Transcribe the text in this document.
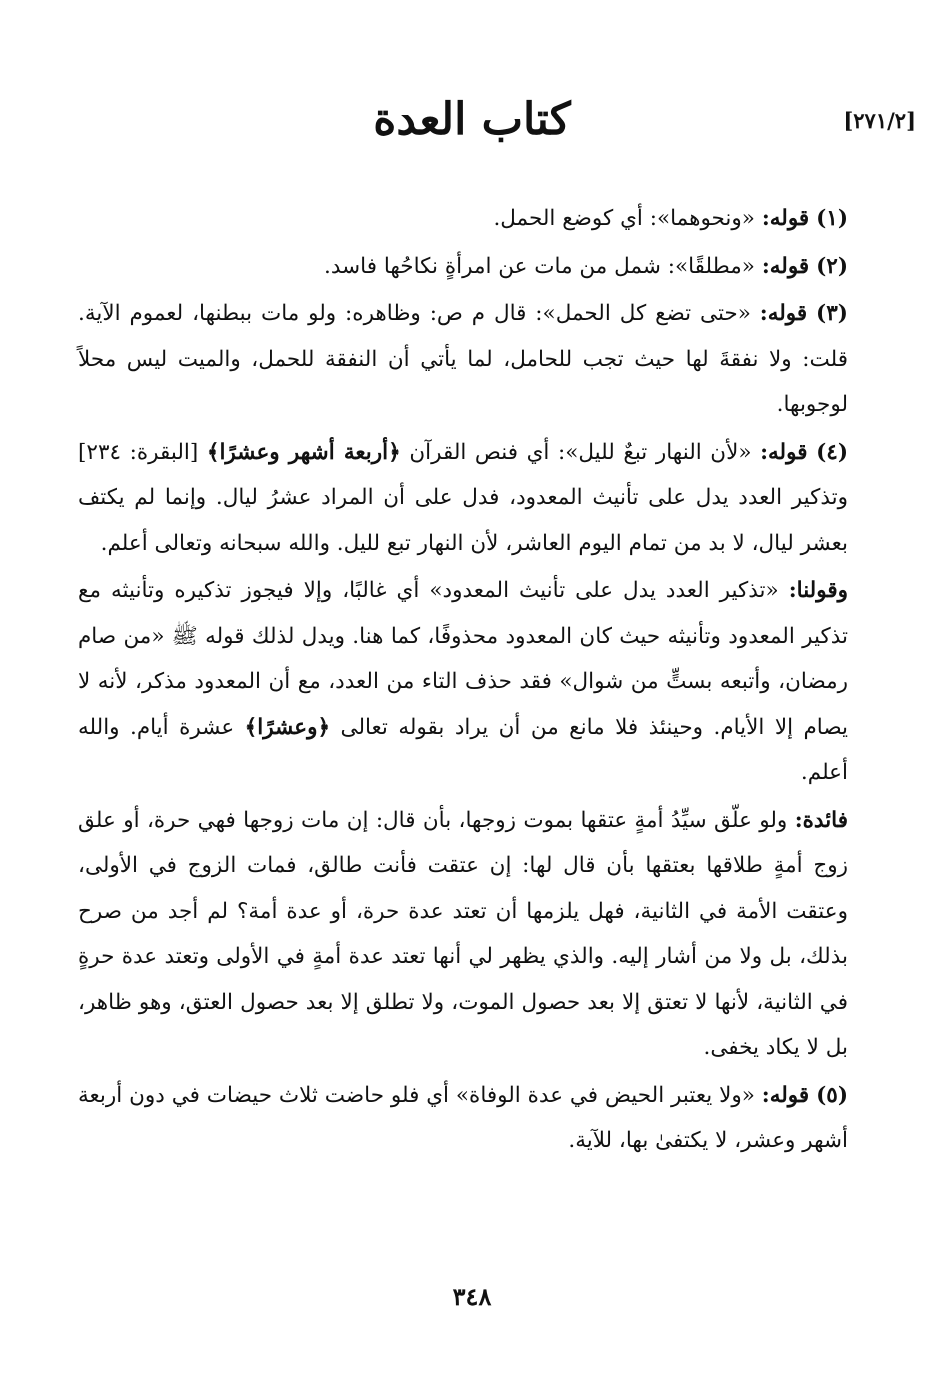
كتاب العدة	[٢٧١/٢]

(١) قوله: «ونحوهما»: أي كوضع الحمل.

(٢) قوله: «مطلقًا»: شمل من مات عن امرأةٍ نكاحُها فاسد.

(٣) قوله: «حتى تضع كل الحمل»: قال م ص: وظاهره: ولو مات ببطنها، لعموم الآية. قلت: ولا نفقةَ لها حيث تجب للحامل، لما يأتي أن النفقة للحمل، والميت ليس محلاً لوجوبها.

(٤) قوله: «لأن النهار تبعٌ لليل»: أي فنص القرآن ﴿أربعة أشهر وعشرًا﴾ [البقرة: ٢٣٤] وتذكير العدد يدل على تأنيث المعدود، فدل على أن المراد عشرُ ليال. وإنما لم يكتف بعشر ليال، لا بد من تمام اليوم العاشر، لأن النهار تبع لليل. والله سبحانه وتعالى أعلم.

وقولنا: «تذكير العدد يدل على تأنيث المعدود» أي غالبًا، وإلا فيجوز تذكيره وتأنيثه مع تذكير المعدود وتأنيثه حيث كان المعدود محذوفًا، كما هنا. ويدل لذلك قوله ﷺ «من صام رمضان، وأتبعه بستٍّ من شوال» فقد حذف التاء من العدد، مع أن المعدود مذكر، لأنه لا يصام إلا الأيام. وحينئذ فلا مانع من أن يراد بقوله تعالى ﴿وعشرًا﴾ عشرة أيام. والله أعلم.

فائدة: ولو علّق سيِّدُ أمةٍ عتقها بموت زوجها، بأن قال: إن مات زوجها فهي حرة، أو علق زوج أمةٍ طلاقها بعتقها بأن قال لها: إن عتقت فأنت طالق، فمات الزوج في الأولى، وعتقت الأمة في الثانية، فهل يلزمها أن تعتد عدة حرة، أو عدة أمة؟ لم أجد من صرح بذلك، بل ولا من أشار إليه. والذي يظهر لي أنها تعتد عدة أمةٍ في الأولى وتعتد عدة حرةٍ في الثانية، لأنها لا تعتق إلا بعد حصول الموت، ولا تطلق إلا بعد حصول العتق، وهو ظاهر، بل لا يكاد يخفى.

(٥) قوله: «ولا يعتبر الحيض في عدة الوفاة» أي فلو حاضت ثلاث حيضات في دون أربعة أشهر وعشر، لا يكتفىٰ بها، للآية.

٣٤٨
